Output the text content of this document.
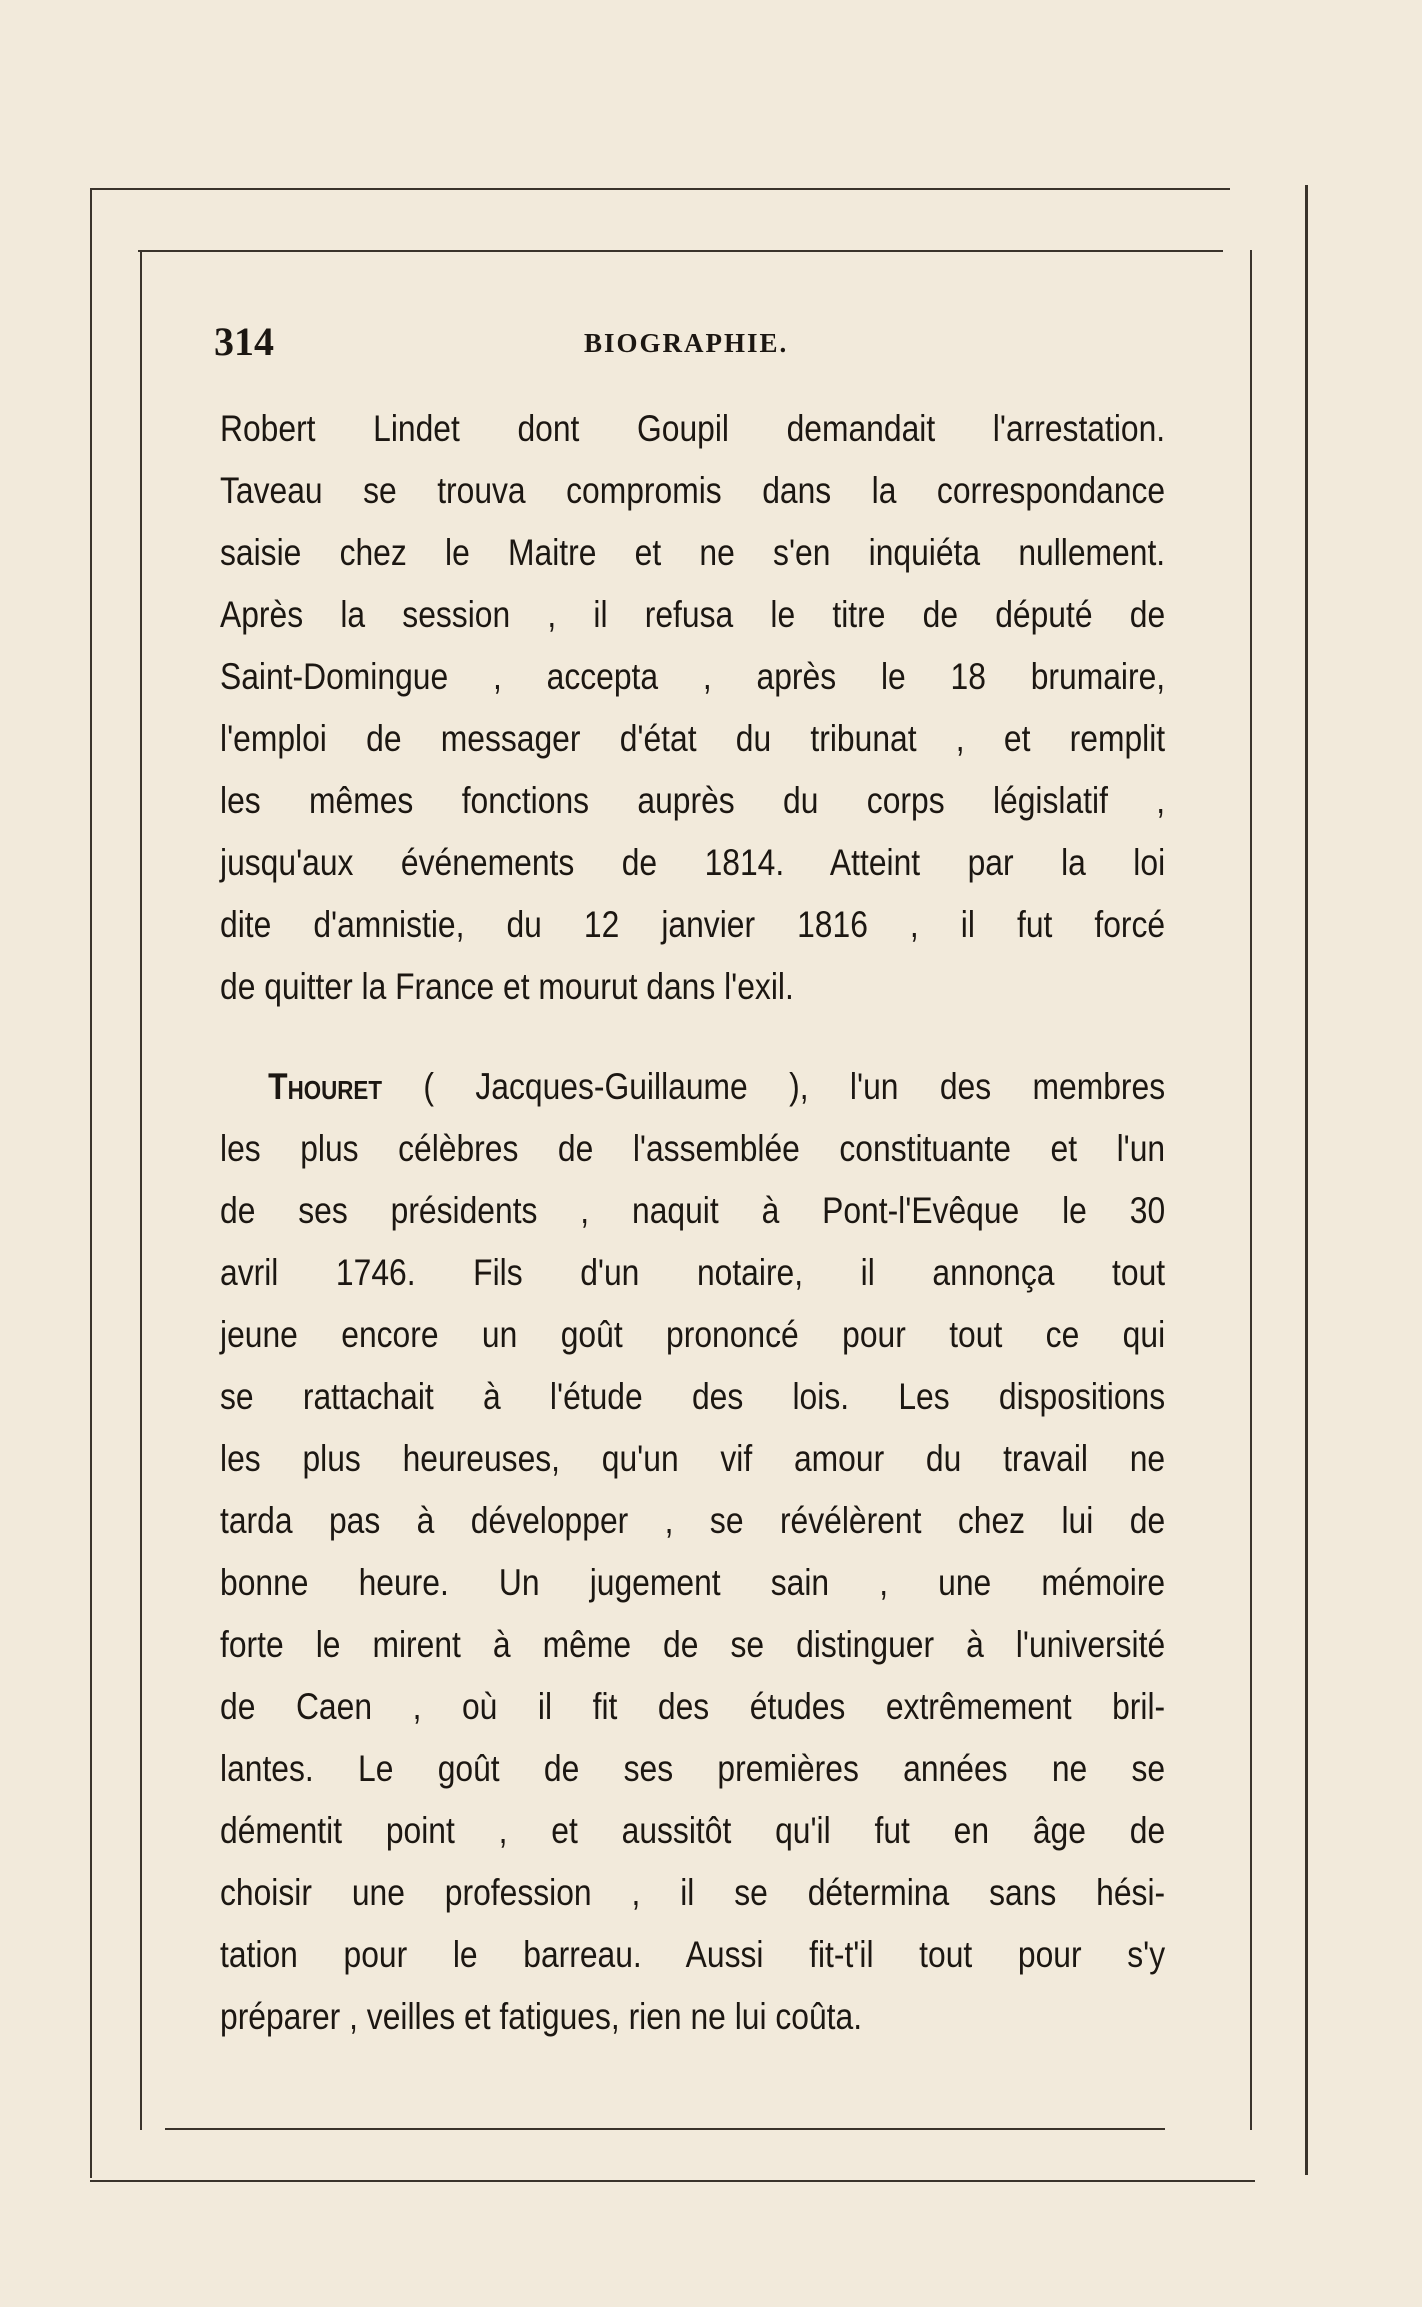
314	BIOGRAPHIE.
Robert Lindet dont Goupil demandait l'arrestation.
Taveau se trouva compromis dans la correspondance
saisie chez le Maitre et ne s'en inquiéta nullement.
Après la session , il refusa le titre de député de
Saint-Domingue , accepta , après le 18 brumaire,
l'emploi de messager d'état du tribunat , et remplit
les mêmes fonctions auprès du corps législatif ,
jusqu'aux événements de 1814. Atteint par la loi
dite d'amnistie, du 12 janvier 1816 , il fut forcé
de quitter la France et mourut dans l'exil.
Thouret ( Jacques-Guillaume ), l'un des membres
les plus célèbres de l'assemblée constituante et l'un
de ses présidents , naquit à Pont-l'Evêque le 30
avril 1746. Fils d'un notaire, il annonça tout
jeune encore un goût prononcé pour tout ce qui
se rattachait à l'étude des lois. Les dispositions
les plus heureuses, qu'un vif amour du travail ne
tarda pas à développer , se révélèrent chez lui de
bonne heure. Un jugement sain , une mémoire
forte le mirent à même de se distinguer à l'université
de Caen , où il fit des études extrêmement bril-
lantes. Le goût de ses premières années ne se
démentit point , et aussitôt qu'il fut en âge de
choisir une profession , il se détermina sans hési-
tation pour le barreau. Aussi fit-t'il tout pour s'y
préparer , veilles et fatigues, rien ne lui coûta.
